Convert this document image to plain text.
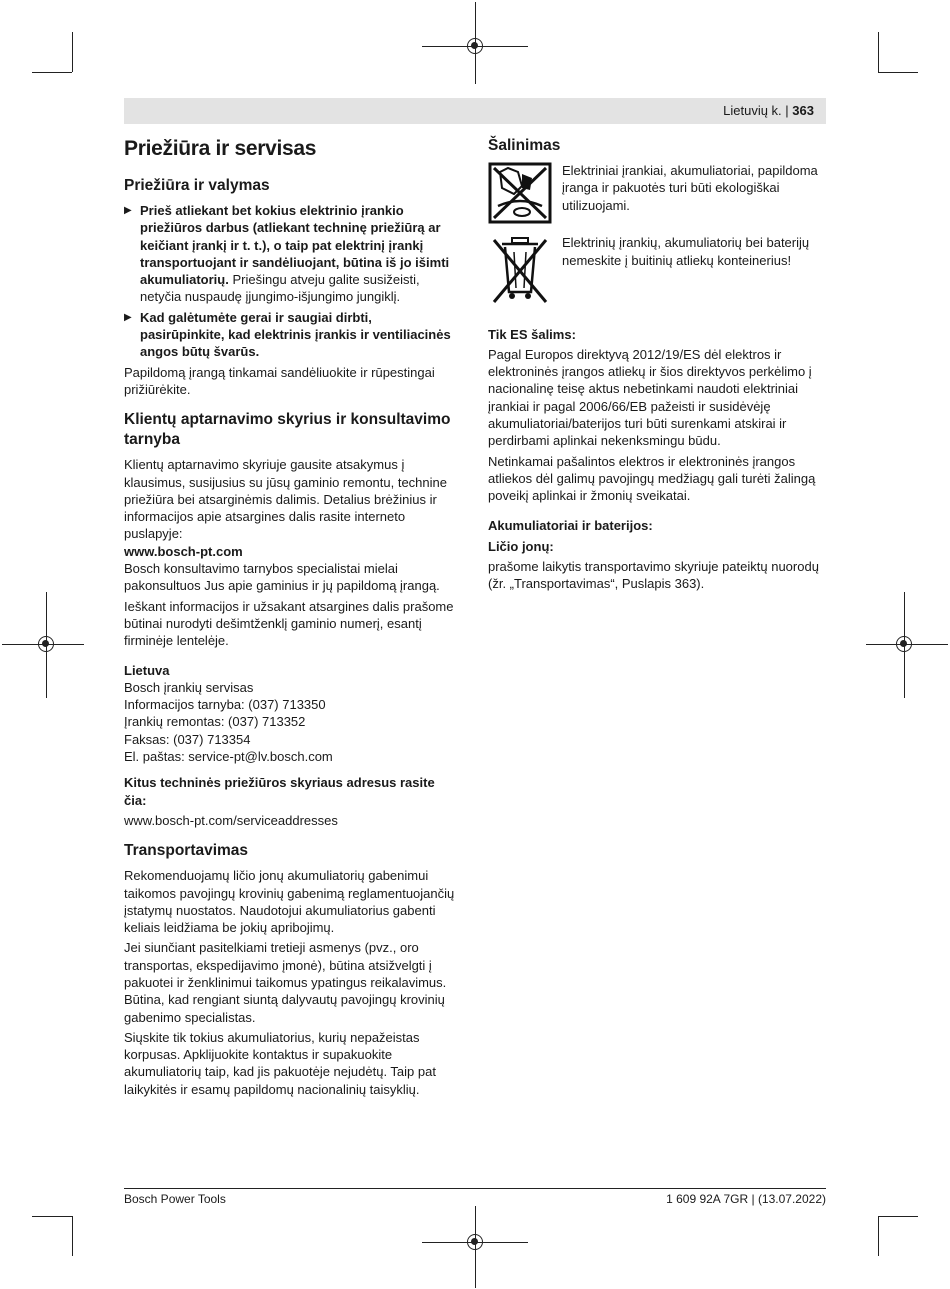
Lietuvių k. | 363
Priežiūra ir servisas
Priežiūra ir valymas
▶ Prieš atliekant bet kokius elektrinio įrankio priežiūros darbus (atliekant techninę priežiūrą ar keičiant įrankį ir t. t.), o taip pat elektrinį įrankį transportuojant ir sandėliuojant, būtina iš jo išimti akumuliatorių. Priešingu atveju galite susižeisti, netyčia nuspaudę įjungimo-išjungimo jungiklį.
▶ Kad galėtumėte gerai ir saugiai dirbti, pasirūpinkite, kad elektrinis įrankis ir ventiliacinės angos būtų švarūs.

Papildomą įrangą tinkamai sandėliuokite ir rūpestingai prižiūrėkite.

Klientų aptarnavimo skyrius ir konsultavimo tarnyba

Klientų aptarnavimo skyriuje gausite atsakymus į klausimus, susijusius su jūsų gaminio remontu, technine priežiūra bei atsarginėmis dalimis. Detalius brėžinius ir informacijos apie atsargines dalis rasite interneto puslapyje:

www.bosch-pt.com

Bosch konsultavimo tarnybos specialistai mielai pakonsultuos Jus apie gaminius ir jų papildomą įrangą.

Ieškant informacijos ir užsakant atsargines dalis prašome būtinai nurodyti dešimtženklį gaminio numerį, esantį firminėje lentelėje.

Lietuva
Bosch įrankių servisas
Informacijos tarnyba: (037) 713350
Įrankių remontas: (037) 713352
Faksas: (037) 713354
El. paštas: service-pt@lv.bosch.com
Kitus techninės priežiūros skyriaus adresus rasite čia:

www.bosch-pt.com/serviceaddresses

Transportavimas

Rekomenduojamų ličio jonų akumuliatorių gabenimui taikomos pavojingų krovinių gabenimą reglamentuojančių įstatymų nuostatos. Naudotojui akumuliatorius gabenti keliais leidžiama be jokių apribojimų.

Jei siunčiant pasitelkiami tretieji asmenys (pvz., oro transportas, ekspedijavimo įmonė), būtina atsižvelgti į pakuotei ir ženklinimui taikomus ypatingus reikalavimus. Būtina, kad rengiant siuntą dalyvautų pavojingų krovinių gabenimo specialistas.

Siųskite tik tokius akumuliatorius, kurių nepažeistas korpusas. Apklijuokite kontaktus ir supakuokite akumuliatorių taip, kad jis pakuotėje nejudėtų. Taip pat laikykitės ir esamų papildomų nacionalinių taisyklių.

Šalinimas
Elektriniai įrankiai, akumuliatoriai, papildoma įranga ir pakuotės turi būti ekologiškai utilizuojami.
Elektrinių įrankių, akumuliatorių bei baterijų nemeskite į buitinių atliekų konteinerius!
Tik ES šalims:

Pagal Europos direktyvą 2012/19/ES dėl elektros ir elektroninės įrangos atliekų ir šios direktyvos perkėlimo į nacionalinę teisę aktus nebetinkami naudoti elektriniai įrankiai ir pagal 2006/66/EB pažeisti ir susidėvėję akumuliatoriai/baterijos turi būti surenkami atskirai ir perdirbami aplinkai nekenksmingu būdu.

Netinkamai pašalintos elektros ir elektroninės įrangos atliekos dėl galimų pavojingų medžiagų gali turėti žalingą poveikį aplinkai ir žmonių sveikatai.

Akumuliatoriai ir baterijos:
Ličio jonų:

prašome laikytis transportavimo skyriuje pateiktų nuorodų (žr. „Transportavimas“, Puslapis 363).

Bosch Power Tools	1 609 92A 7GR | (13.07.2022)
